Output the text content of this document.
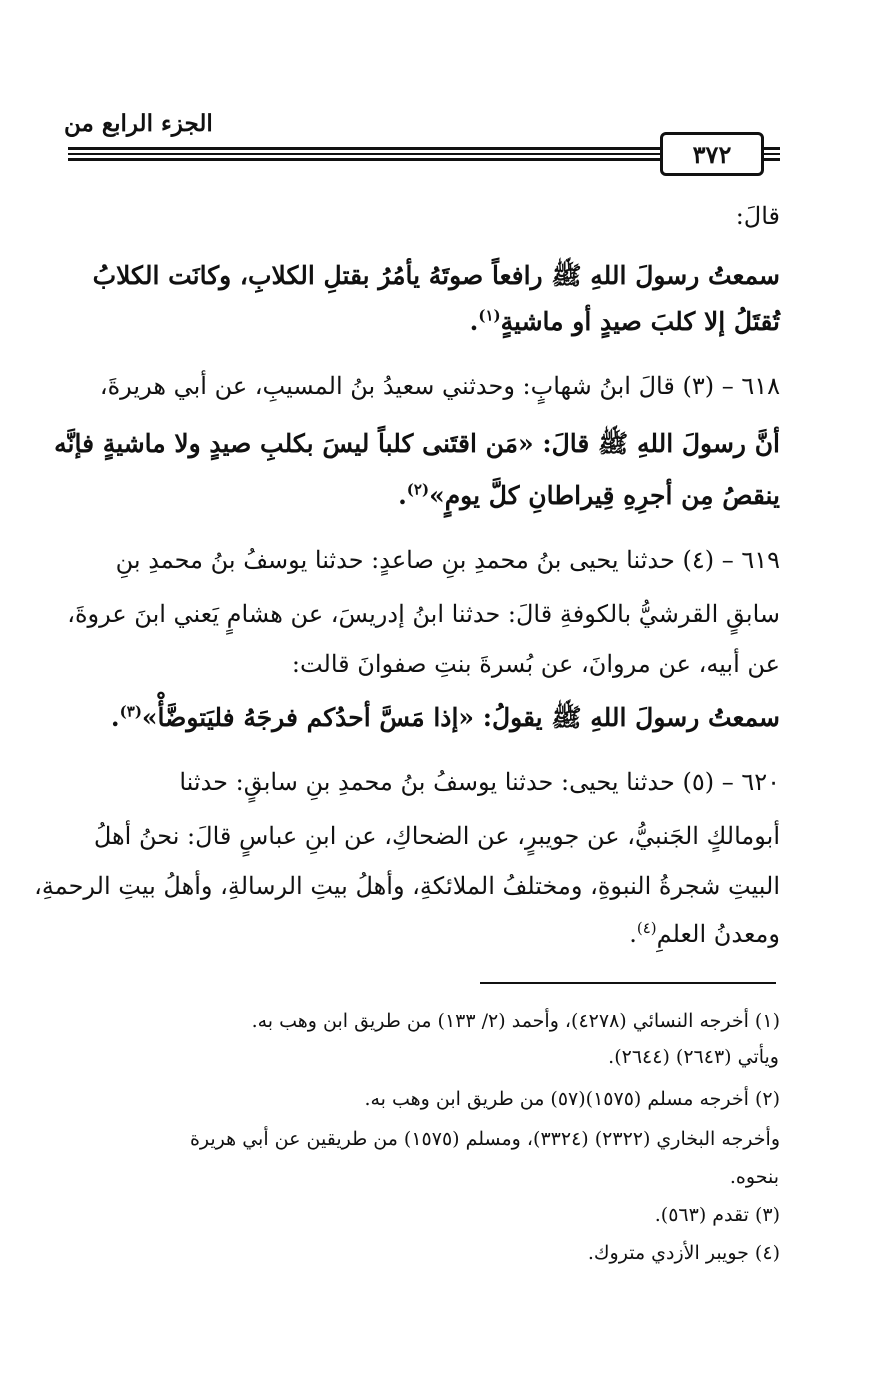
الجزء الرابع من
٣٧٢
قالَ:
سمعتُ رسولَ اللهِ ﷺ رافعاً صوتَهُ يأمُرُ بقتلِ الكلابِ، وكانَت الكلابُ
تُقتَلُ إلا كلبَ صيدٍ أو ماشيةٍ$^{(١)}$.
٦١٨ – (٣) قالَ ابنُ شهابٍ: وحدثني سعيدُ بنُ المسيبِ، عن أبي هريرةَ،
أنَّ رسولَ اللهِ ﷺ قالَ: «مَن اقتَنى كلباً ليسَ بكلبِ صيدٍ ولا ماشيةٍ فإنَّه
ينقصُ مِن أجرِهِ قِيراطانِ كلَّ يومٍ»$^{(٢)}$.
٦١٩ – (٤) حدثنا يحيى بنُ محمدِ بنِ صاعدٍ: حدثنا يوسفُ بنُ محمدِ بنِ
سابقٍ القرشيُّ بالكوفةِ قالَ: حدثنا ابنُ إدريسَ، عن هشامٍ يَعني ابنَ عروةَ،
عن أبيه، عن مروانَ، عن بُسرةَ بنتِ صفوانَ قالت:
سمعتُ رسولَ اللهِ ﷺ يقولُ: «إذا مَسَّ أحدُكم فرجَهُ فليَتوضَّأْ»$^{(٣)}$.
٦٢٠ – (٥) حدثنا يحيى: حدثنا يوسفُ بنُ محمدِ بنِ سابقٍ: حدثنا
أبومالكٍ الجَنبيُّ، عن جويبرٍ، عن الضحاكِ، عن ابنِ عباسٍ قالَ: نحنُ أهلُ
البيتِ شجرةُ النبوةِ، ومختلفُ الملائكةِ، وأهلُ بيتِ الرسالةِ، وأهلُ بيتِ الرحمةِ،
ومعدنُ العلمِ$^{(٤)}$.
(١) أخرجه النسائي (٤٢٧٨)، وأحمد (٢/ ١٣٣) من طريق ابن وهب به.
ويأتي (٢٦٤٣) (٢٦٤٤).
(٢) أخرجه مسلم (١٥٧٥)(٥٧) من طريق ابن وهب به.
وأخرجه البخاري (٢٣٢٢) (٣٣٢٤)، ومسلم (١٥٧٥) من طريقين عن أبي هريرة
بنحوه.
(٣) تقدم (٥٦٣).
(٤) جويبر الأزدي متروك.
